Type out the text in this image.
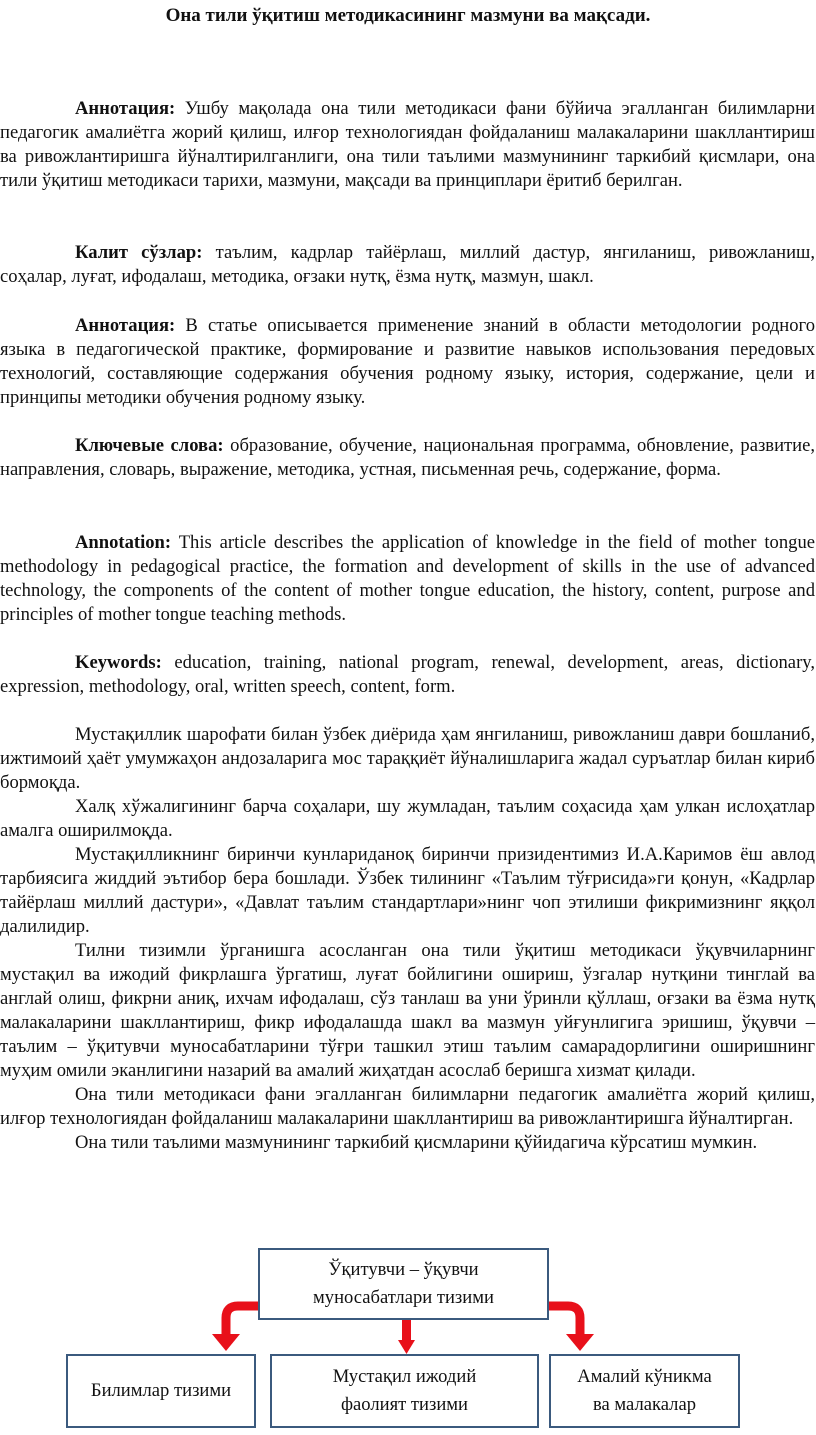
Она тили ўқитиш методикасининг мазмуни ва мақсади.

Аннотация: Ушбу мақолада она тили методикаси фани бўйича эгалланган билимларни педагогик амалиётга жорий қилиш, илғор технологиядан фойдаланиш малакаларини шакллантириш ва ривожлантиришга йўналтирилганлиги, она тили таълими мазмунининг таркибий қисмлари, она тили ўқитиш методикаси тарихи, мазмуни, мақсади ва принциплари ёритиб берилган.

Калит сўзлар: таълим, кадрлар тайёрлаш, миллий дастур, янгиланиш, ривожланиш, соҳалар, луғат, ифодалаш, методика, оғзаки нутқ, ёзма нутқ, мазмун, шакл.

Аннотация: В статье описывается применение знаний в области методологии родного языка в педагогической практике, формирование и развитие навыков использования передовых технологий, составляющие содержания обучения родному языку, история, содержание, цели и принципы методики обучения родному языку.

Ключевые слова: образование, обучение, национальная программа, обновление, развитие, направления, словарь, выражение, методика, устная, письменная речь, содержание, форма.

Annotation: This article describes the application of knowledge in the field of mother tongue methodology in pedagogical practice, the formation and development of skills in the use of advanced technology, the components of the content of mother tongue education, the history, content, purpose and principles of mother tongue teaching methods.

Keywords: education, training, national program, renewal, development, areas, dictionary, expression, methodology, oral, written speech, content, form.

Мустақиллик шарофати билан ўзбек диёрида ҳам янгиланиш, ривожланиш даври бошланиб, ижтимоий ҳаёт умумжаҳон андозаларига мос тараққиёт йўналишларига жадал суръатлар билан кириб бормоқда.

Халқ хўжалигининг барча соҳалари, шу жумладан, таълим соҳасида ҳам улкан ислоҳатлар амалга оширилмоқда.

Мустақилликнинг биринчи кунлариданоқ биринчи призидентимиз И.А.Каримов ёш авлод тарбиясига жиддий эътибор бера бошлади. Ўзбек тилининг «Таълим тўғрисида»ги қонун, «Кадрлар тайёрлаш миллий дастури», «Давлат таълим стандартлари»нинг чоп этилиши фикримизнинг яққол далилидир.

Тилни тизимли ўрганишга асосланган она тили ўқитиш методикаси ўқувчиларнинг мустақил ва ижодий фикрлашга ўргатиш, луғат бойлигини ошириш, ўзгалар нутқини тинглай ва англай олиш, фикрни аниқ, ихчам ифодалаш, сўз танлаш ва уни ўринли қўллаш, оғзаки ва ёзма нутқ малакаларини шакллантириш, фикр ифодалашда шакл ва мазмун уйғунлигига эришиш, ўқувчи – таълим – ўқитувчи муносабатларини тўғри ташкил этиш таълим самарадорлигини оширишнинг муҳим омили эканлигини назарий ва амалий жиҳатдан асослаб беришга хизмат қилади.

Она тили методикаси фани эгалланган билимларни педагогик амалиётга жорий қилиш, илғор технологиядан фойдаланиш малакаларини шакллантириш ва ривожлантиришга йўналтирган.

Она тили таълими мазмунининг таркибий қисмларини қўйидагича кўрсатиш мумкин.

Ўқитувчи – ўқувчи
муносабатлари тизими
Билимлар тизими
Мустақил ижодий
фаолият тизими
Амалий кўникма
ва малакалар
